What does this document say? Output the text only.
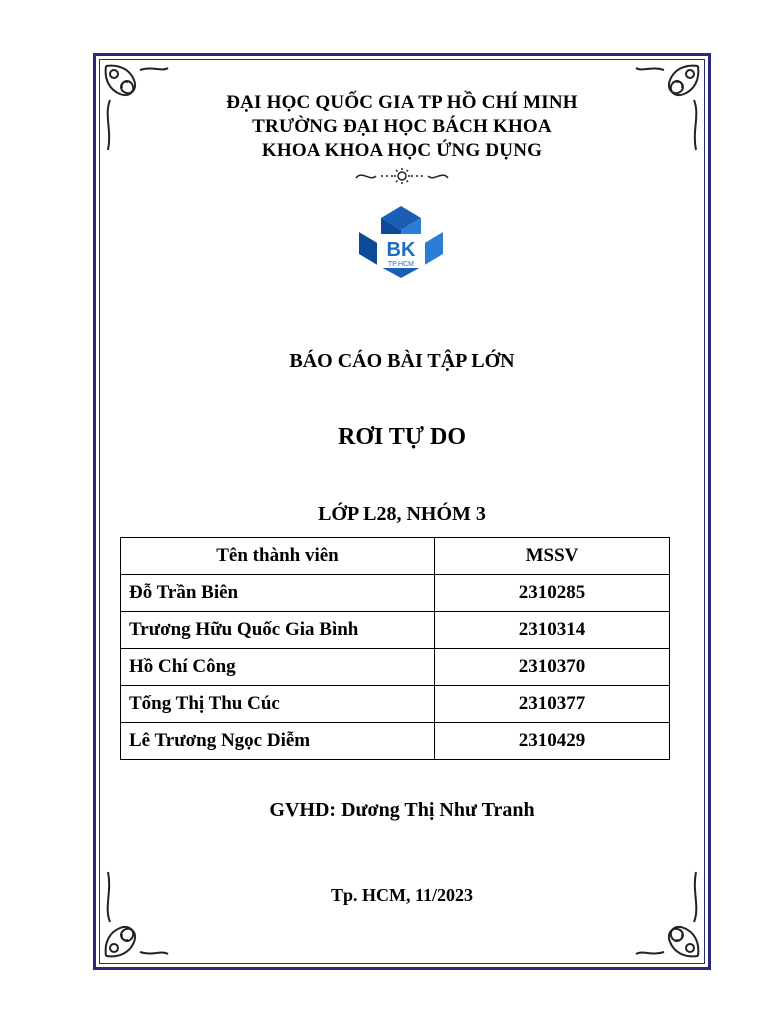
ĐẠI HỌC QUỐC GIA TP HỒ CHÍ MINH
TRƯỜNG ĐẠI HỌC BÁCH KHOA
KHOA KHOA HỌC ỨNG DỤNG
BK
TP.HCM
BÁO CÁO BÀI TẬP LỚN
RƠI TỰ DO
LỚP L28, NHÓM 3
Tên thành viên	MSSV
Đỗ Trần Biên	2310285
Trương Hữu Quốc Gia Bình	2310314
Hồ Chí Công	2310370
Tống Thị Thu Cúc	2310377
Lê Trương Ngọc Diễm	2310429
GVHD: Dương Thị Như Tranh
Tp. HCM, 11/2023
